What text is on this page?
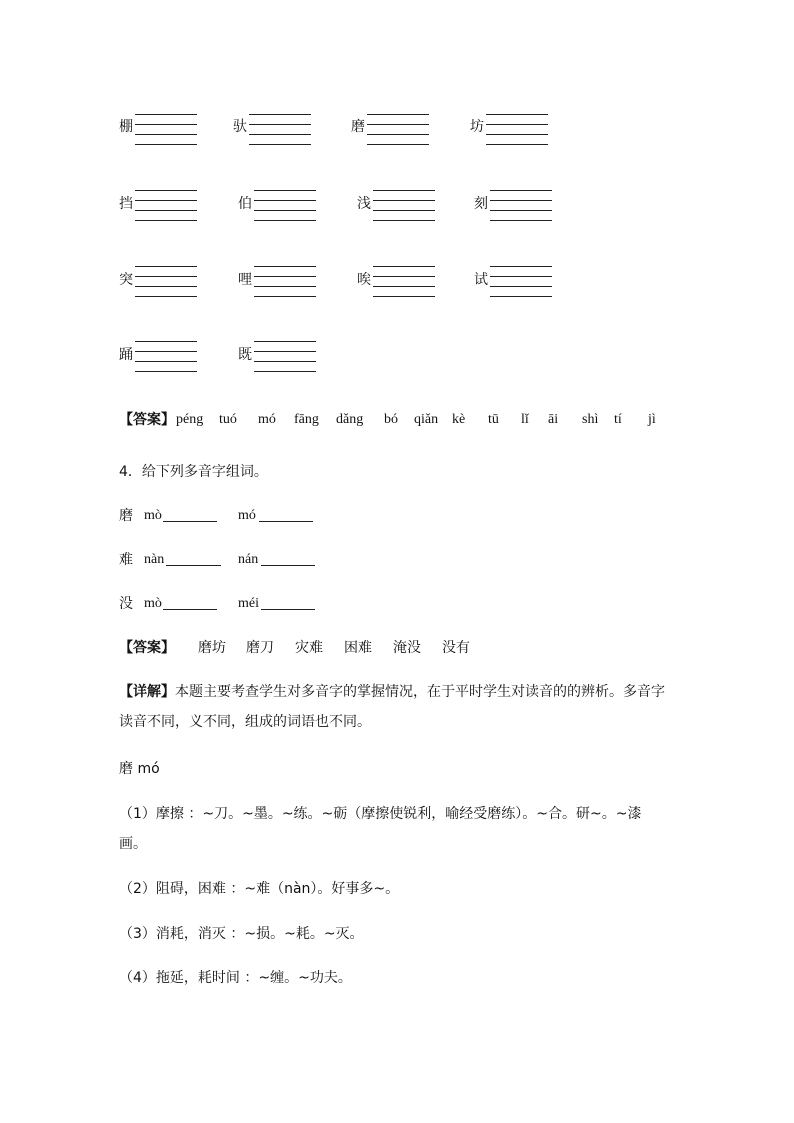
棚	驮	磨	坊
挡	伯	浅	刻
突	哩	唉	试
踊	既
【答案】 péng tuó mó fāng dǎng bó qiǎn kè tū lǐ āi shì tí jì
4．给下列多音字组词。
磨 mò	mó
难 nàn	nán
没 mò	méi
【答案】 磨坊 磨刀 灾难 困难 淹没 没有
【详解】本题主要考查学生对多音字的掌握情况，在于平时学生对读音的的辨析。多音字
读音不同，义不同，组成的词语也不同。
磨 mó
（1）摩擦 ：~刀。~墨。~练。~砺（摩擦使锐利，喻经受磨练）。~合。研~。~漆
画。
（2）阻碍，困难 ：~难（nàn）。好事多~。
（3）消耗，消灭 ：~损。~耗。~灭。
（4）拖延，耗时间 ：~缠。~功夫。
